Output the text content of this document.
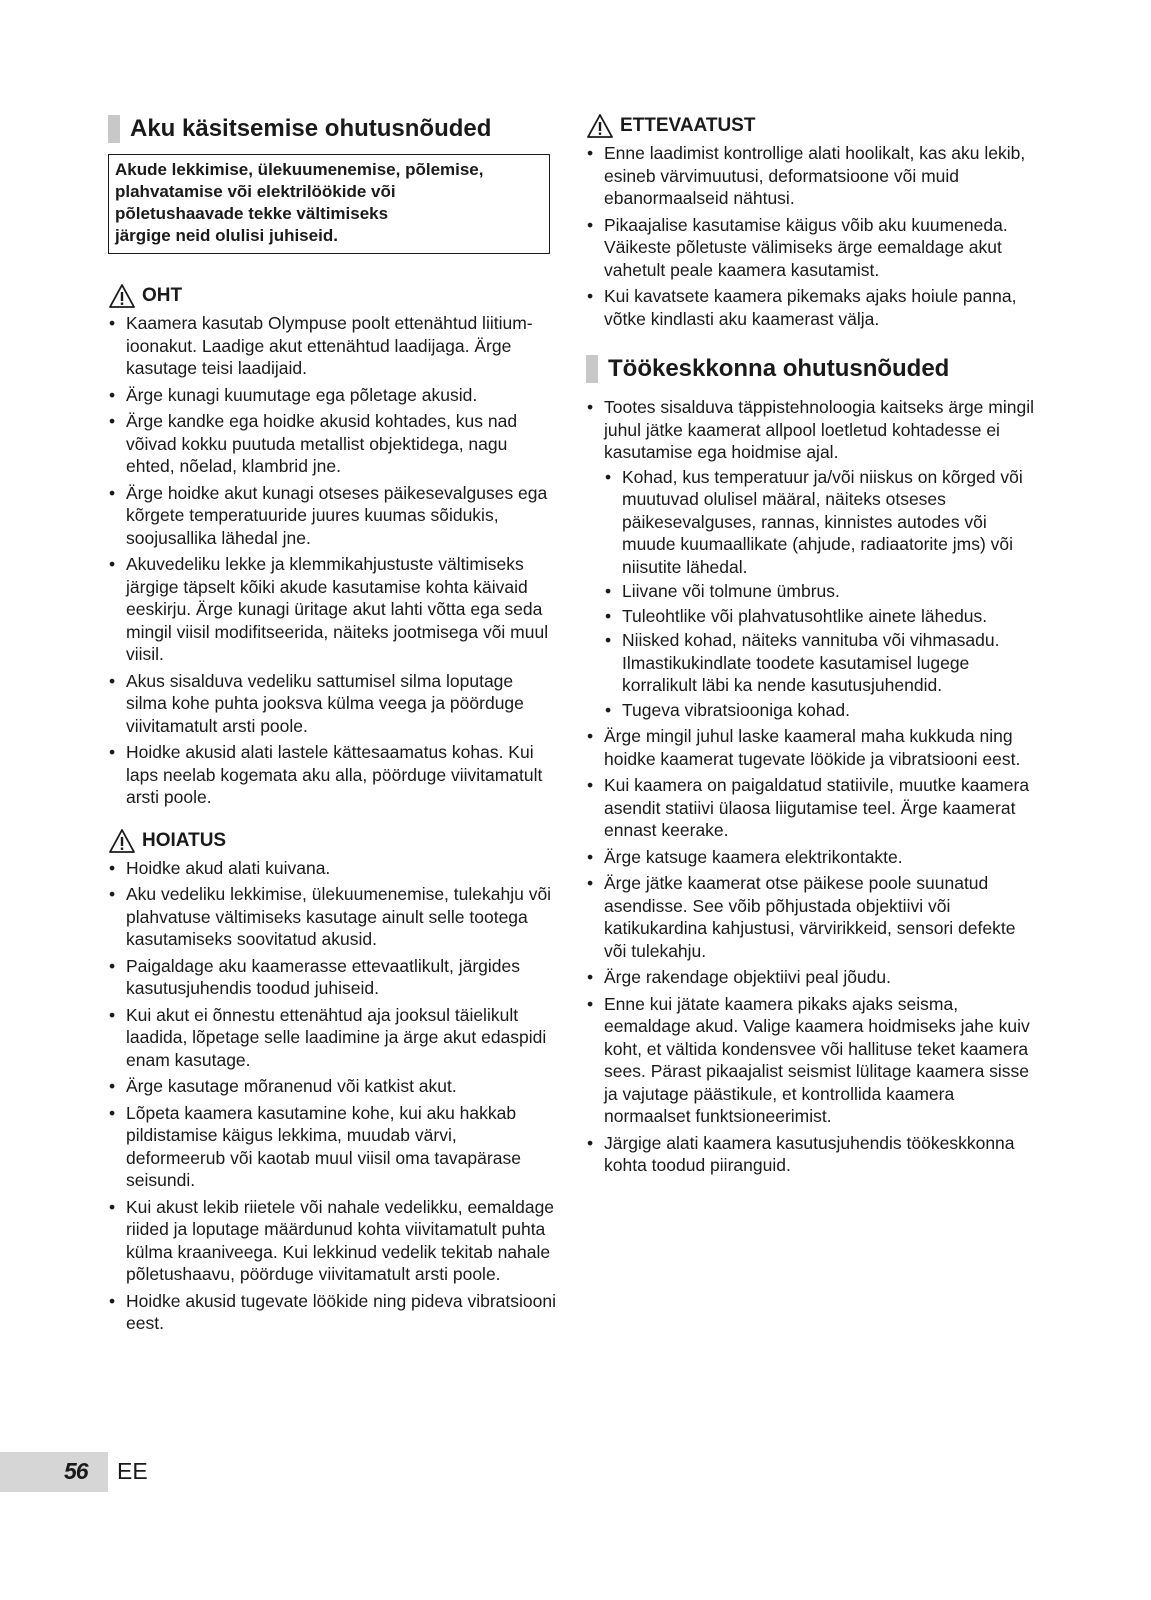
Aku käsitsemise ohutusnõuded
Akude lekkimise, ülekuumenemise, põlemise,
plahvatamise või elektrilöökide või
põletushaavade tekke vältimiseks
järgige neid olulisi juhiseid.
OHT
• Kaamera kasutab Olympuse poolt ettenähtud liitium-ioonakut. Laadige akut ettenähtud laadijaga. Ärge kasutage teisi laadijaid.
• Ärge kunagi kuumutage ega põletage akusid.
• Ärge kandke ega hoidke akusid kohtades, kus nad võivad kokku puutuda metallist objektidega, nagu ehted, nõelad, klambrid jne.
• Ärge hoidke akut kunagi otseses päikesevalguses ega kõrgete temperatuuride juures kuumas sõidukis, soojusallika lähedal jne.
• Akuvedeliku lekke ja klemmikahjustuste vältimiseks järgige täpselt kõiki akude kasutamise kohta käivaid eeskirju. Ärge kunagi üritage akut lahti võtta ega seda mingil viisil modifitseerida, näiteks jootmisega või muul viisil.
• Akus sisalduva vedeliku sattumisel silma loputage silma kohe puhta jooksva külma veega ja pöörduge viivitamatult arsti poole.
• Hoidke akusid alati lastele kättesaamatus kohas. Kui laps neelab kogemata aku alla, pöörduge viivitamatult arsti poole.
HOIATUS
• Hoidke akud alati kuivana.
• Aku vedeliku lekkimise, ülekuumenemise, tulekahju või plahvatuse vältimiseks kasutage ainult selle tootega kasutamiseks soovitatud akusid.
• Paigaldage aku kaamerasse ettevaatlikult, järgides kasutusjuhendis toodud juhiseid.
• Kui akut ei õnnestu ettenähtud aja jooksul täielikult laadida, lõpetage selle laadimine ja ärge akut edaspidi enam kasutage.
• Ärge kasutage mõranenud või katkist akut.
• Lõpeta kaamera kasutamine kohe, kui aku hakkab pildistamise käigus lekkima, muudab värvi, deformeerub või kaotab muul viisil oma tavapärase seisundi.
• Kui akust lekib riietele või nahale vedelikku, eemaldage riided ja loputage määrdunud kohta viivitamatult puhta külma kraaniveega. Kui lekkinud vedelik tekitab nahale põletushaavu, pöörduge viivitamatult arsti poole.
• Hoidke akusid tugevate löökide ning pideva vibratsiooni eest.
ETTEVAATUST
• Enne laadimist kontrollige alati hoolikalt, kas aku lekib, esineb värvimuutusi, deformatsioone või muid ebanormaalseid nähtusi.
• Pikaajalise kasutamise käigus võib aku kuumeneda. Väikeste põletuste välimiseks ärge eemaldage akut vahetult peale kaamera kasutamist.
• Kui kavatsete kaamera pikemaks ajaks hoiule panna, võtke kindlasti aku kaamerast välja.
Töökeskkonna ohutusnõuded
• Tootes sisalduva täppistehnoloogia kaitseks ärge mingil juhul jätke kaamerat allpool loetletud kohtadesse ei kasutamise ega hoidmise ajal.
• Kohad, kus temperatuur ja/või niiskus on kõrged või muutuvad olulisel määral, näiteks otseses päikesevalguses, rannas, kinnistes autodes või muude kuumaallikate (ahjude, radiaatorite jms) või niisutite lähedal.
• Liivane või tolmune ümbrus.
• Tuleohtlike või plahvatusohtlike ainete lähedus.
• Niisked kohad, näiteks vannituba või vihmasadu. Ilmastikukindlate toodete kasutamisel lugege korralikult läbi ka nende kasutusjuhendid.
• Tugeva vibratsiooniga kohad.
• Ärge mingil juhul laske kaameral maha kukkuda ning hoidke kaamerat tugevate löökide ja vibratsiooni eest.
• Kui kaamera on paigaldatud statiivile, muutke kaamera asendit statiivi ülaosa liigutamise teel. Ärge kaamerat ennast keerake.
• Ärge katsuge kaamera elektrikontakte.
• Ärge jätke kaamerat otse päikese poole suunatud asendisse. See võib põhjustada objektiivi või katikukardina kahjustusi, värvirikkeid, sensori defekte või tulekahju.
• Ärge rakendage objektiivi peal jõudu.
• Enne kui jätate kaamera pikaks ajaks seisma, eemaldage akud. Valige kaamera hoidmiseks jahe kuiv koht, et vältida kondensvee või hallituse teket kaamera sees. Pärast pikaajalist seismist lülitage kaamera sisse ja vajutage päästikule, et kontrollida kaamera normaalset funktsioneerimist.
• Järgige alati kaamera kasutusjuhendis töökeskkonna kohta toodud piiranguid.
56 EE
